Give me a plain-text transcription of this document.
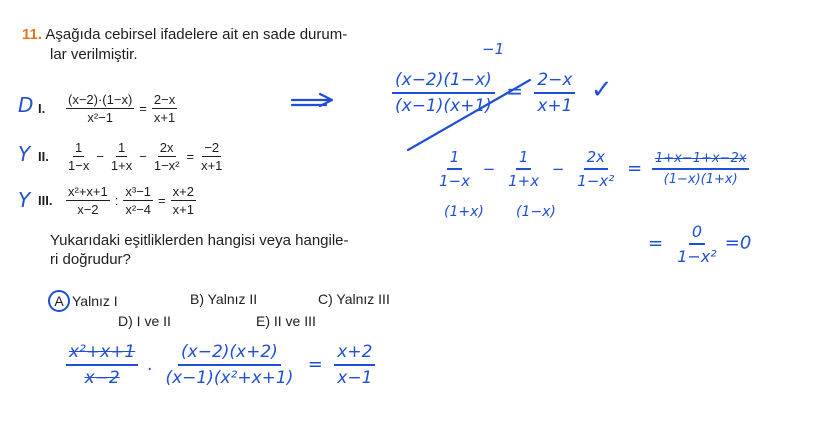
11. Aşağıda cebirsel ifadelere ait en sade durum-
lar verilmiştir.
I.	$\frac{(x-2)\cdot(1-x)}{\text{x²−1}} = \frac{2-x}{x+1}$
II.	$\frac{1}{1-x} - \frac{1}{1+x} - \frac{2x}{\text{1−x²}} = \frac{-2}{x+1}$
III.	$\frac{\text{x²+x+1}}{x-2}$ : $\frac{\text{x³−1}}{\text{x²−4}} = \frac{x+2}{x+1}$
Yukarıdaki eşitliklerden hangisi veya hangile-
ri doğrudur?
A Yalnız I	B) Yalnız II	C) Yalnız III
D) I ve II	E) II ve III
D
Y
Y
$\frac{(x-2)(1-x)}{(x-1)(x+1)} = \frac{2-x}{x+1}$ ✓
−1
$\frac{1}{1-x} - \frac{1}{1+x} - \frac{2x}{\text{1−x²}} = \frac{1+x-1+x-2x}{(1-x)(1+x)}$
(1+x) (1−x)
= $\frac{0}{\text{1−x²}} =0$
$\frac{\text{x²+x+1}}{x-2}$ . $\frac{(x-2)(x+2)}{\text{(x−1)(x²+x+1)}} = \frac{x+2}{x-1}$
